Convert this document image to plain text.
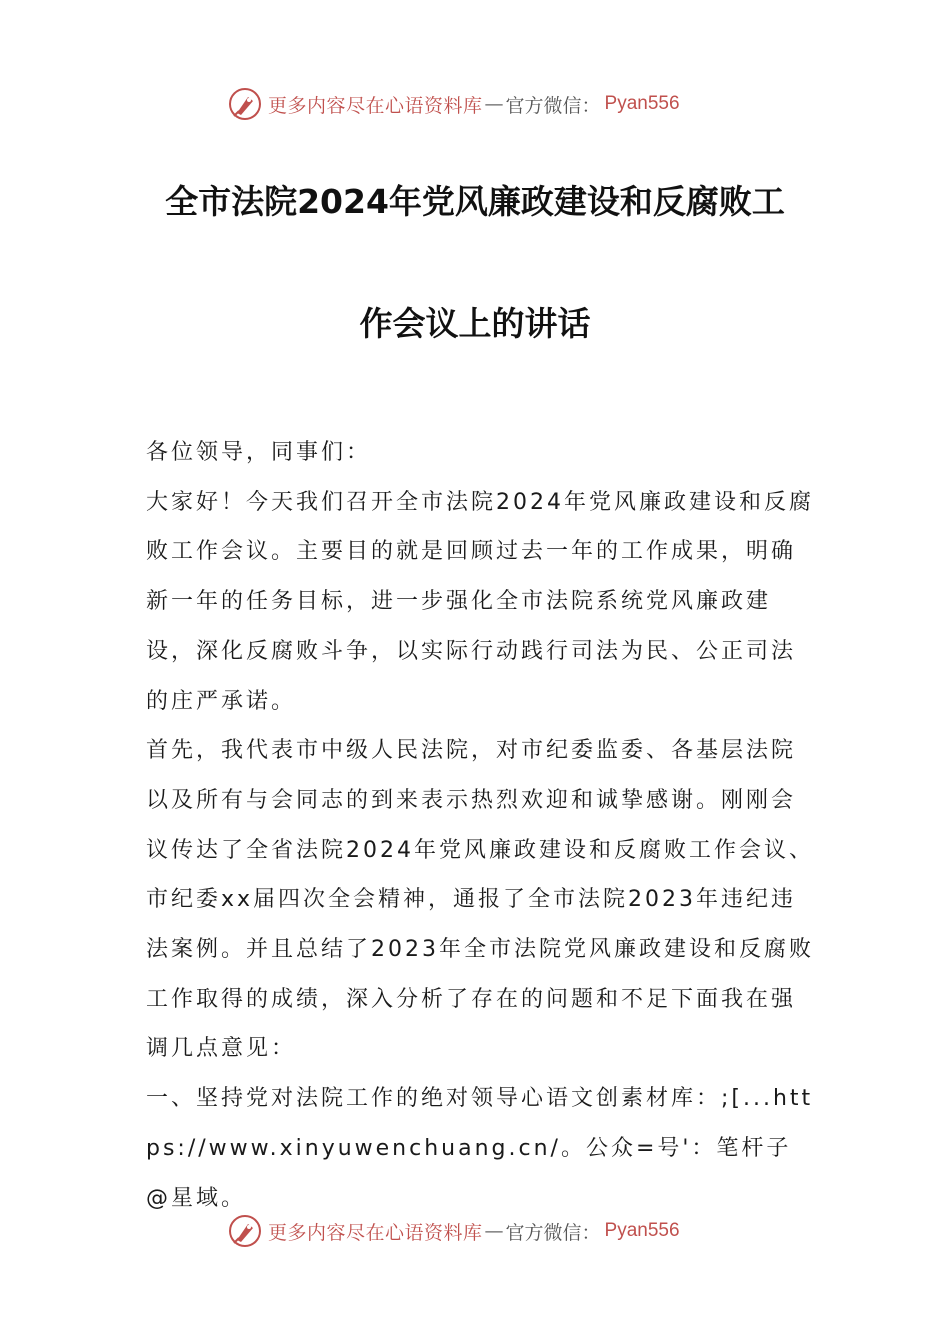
更多内容尽在心语资料库 — 官方微信： Pyan556
全市法院2024年党风廉政建设和反腐败工
作会议上的讲话

各位领导，同事们：

大家好！今天我们召开全市法院2024年党风廉政建设和反腐败工作会议。主要目的就是回顾过去一年的工作成果，明确新一年的任务目标，进一步强化全市法院系统党风廉政建设，深化反腐败斗争，以实际行动践行司法为民、公正司法的庄严承诺。

首先，我代表市中级人民法院，对市纪委监委、各基层法院以及所有与会同志的到来表示热烈欢迎和诚挚感谢。刚刚会议传达了全省法院2024年党风廉政建设和反腐败工作会议、市纪委xx届四次全会精神，通报了全市法院2023年违纪违法案例。并且总结了2023年全市法院党风廉政建设和反腐败工作取得的成绩，深入分析了存在的问题和不足下面我在强调几点意见：

一、坚持党对法院工作的绝对领导心语文创素材库：;[...https://www.xinyuwenchuang.cn/。公众=号'：笔杆子@星域。

更多内容尽在心语资料库 — 官方微信： Pyan556
